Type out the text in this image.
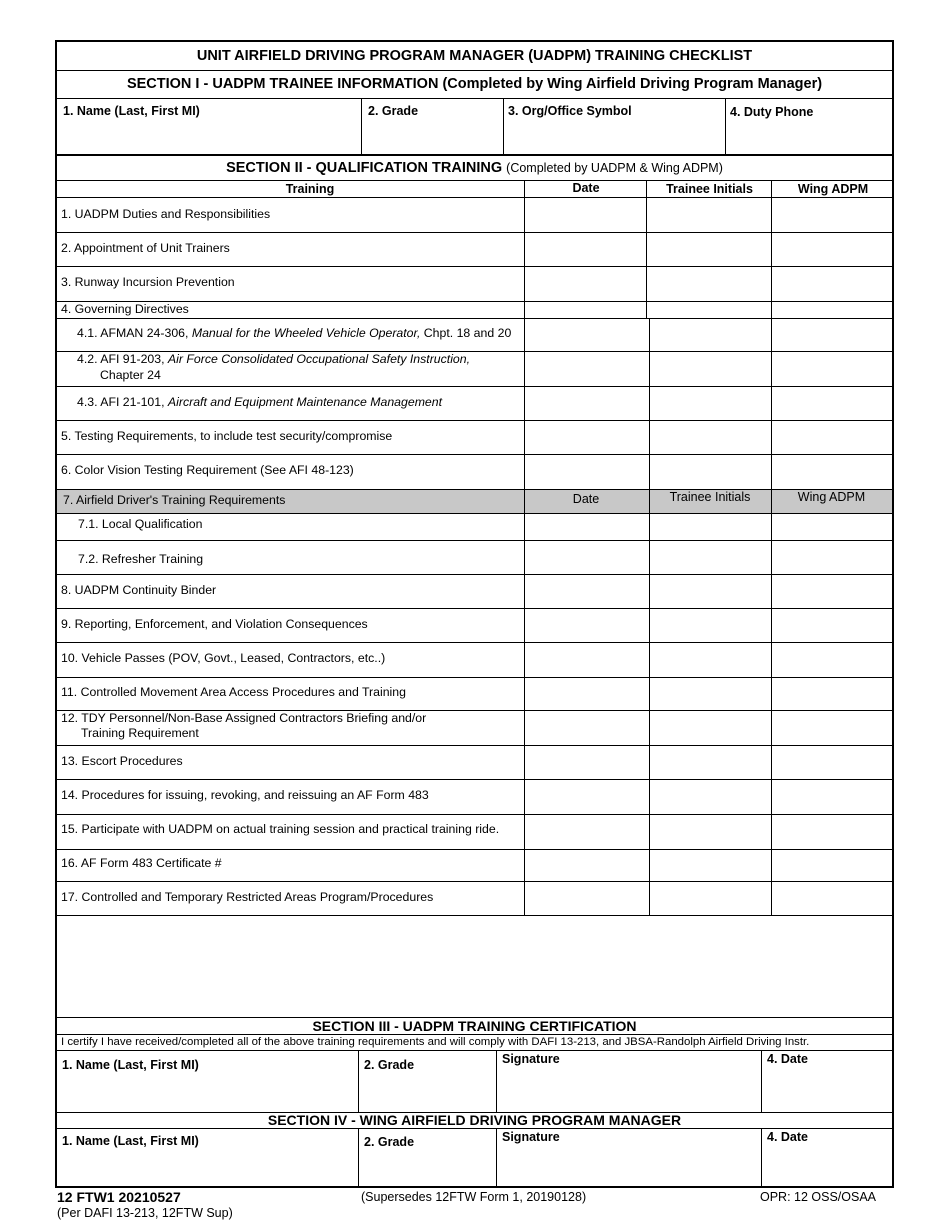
UNIT AIRFIELD DRIVING PROGRAM MANAGER (UADPM) TRAINING CHECKLIST
SECTION I - UADPM TRAINEE INFORMATION (Completed by Wing Airfield Driving Program Manager)
1. Name (Last, First MI)	2. Grade	3. Org/Office Symbol	4. Duty Phone
SECTION II - QUALIFICATION TRAINING (Completed by UADPM & Wing ADPM)
Training	Date	Trainee Initials	Wing ADPM
1. UADPM Duties and Responsibilities
2. Appointment of Unit Trainers
3. Runway Incursion Prevention
4. Governing Directives
4.1. AFMAN 24-306, Manual for the Wheeled Vehicle Operator, Chpt. 18 and 20
4.2. AFI 91-203, Air Force Consolidated Occupational Safety Instruction,
Chapter 24
4.3. AFI 21-101, Aircraft and Equipment Maintenance Management
5. Testing Requirements, to include test security/compromise
6. Color Vision Testing Requirement (See AFI 48-123)
7. Airfield Driver's Training Requirements	Date	Trainee Initials	Wing ADPM
7.1. Local Qualification
7.2. Refresher Training
8. UADPM Continuity Binder
9. Reporting, Enforcement, and Violation Consequences
10. Vehicle Passes (POV, Govt., Leased, Contractors, etc..)
11. Controlled Movement Area Access Procedures and Training
12. TDY Personnel/Non-Base Assigned Contractors Briefing and/or
Training Requirement
13. Escort Procedures
14. Procedures for issuing, revoking, and reissuing an AF Form 483
15. Participate with UADPM on actual training session and practical training ride.
16. AF Form 483 Certificate #
17. Controlled and Temporary Restricted Areas Program/Procedures
SECTION III - UADPM TRAINING CERTIFICATION
I certify I have received/completed all of the above training requirements and will comply with DAFI 13-213, and JBSA-Randolph Airfield Driving Instr.
1. Name (Last, First MI)	2. Grade	Signature	4. Date
SECTION IV - WING AIRFIELD DRIVING PROGRAM MANAGER
1. Name (Last, First MI)	2. Grade	Signature	4. Date
12 FTW1 20210527
(Per DAFI 13-213, 12FTW Sup)
(Supersedes 12FTW Form 1, 20190128)	OPR: 12 OSS/OSAA
